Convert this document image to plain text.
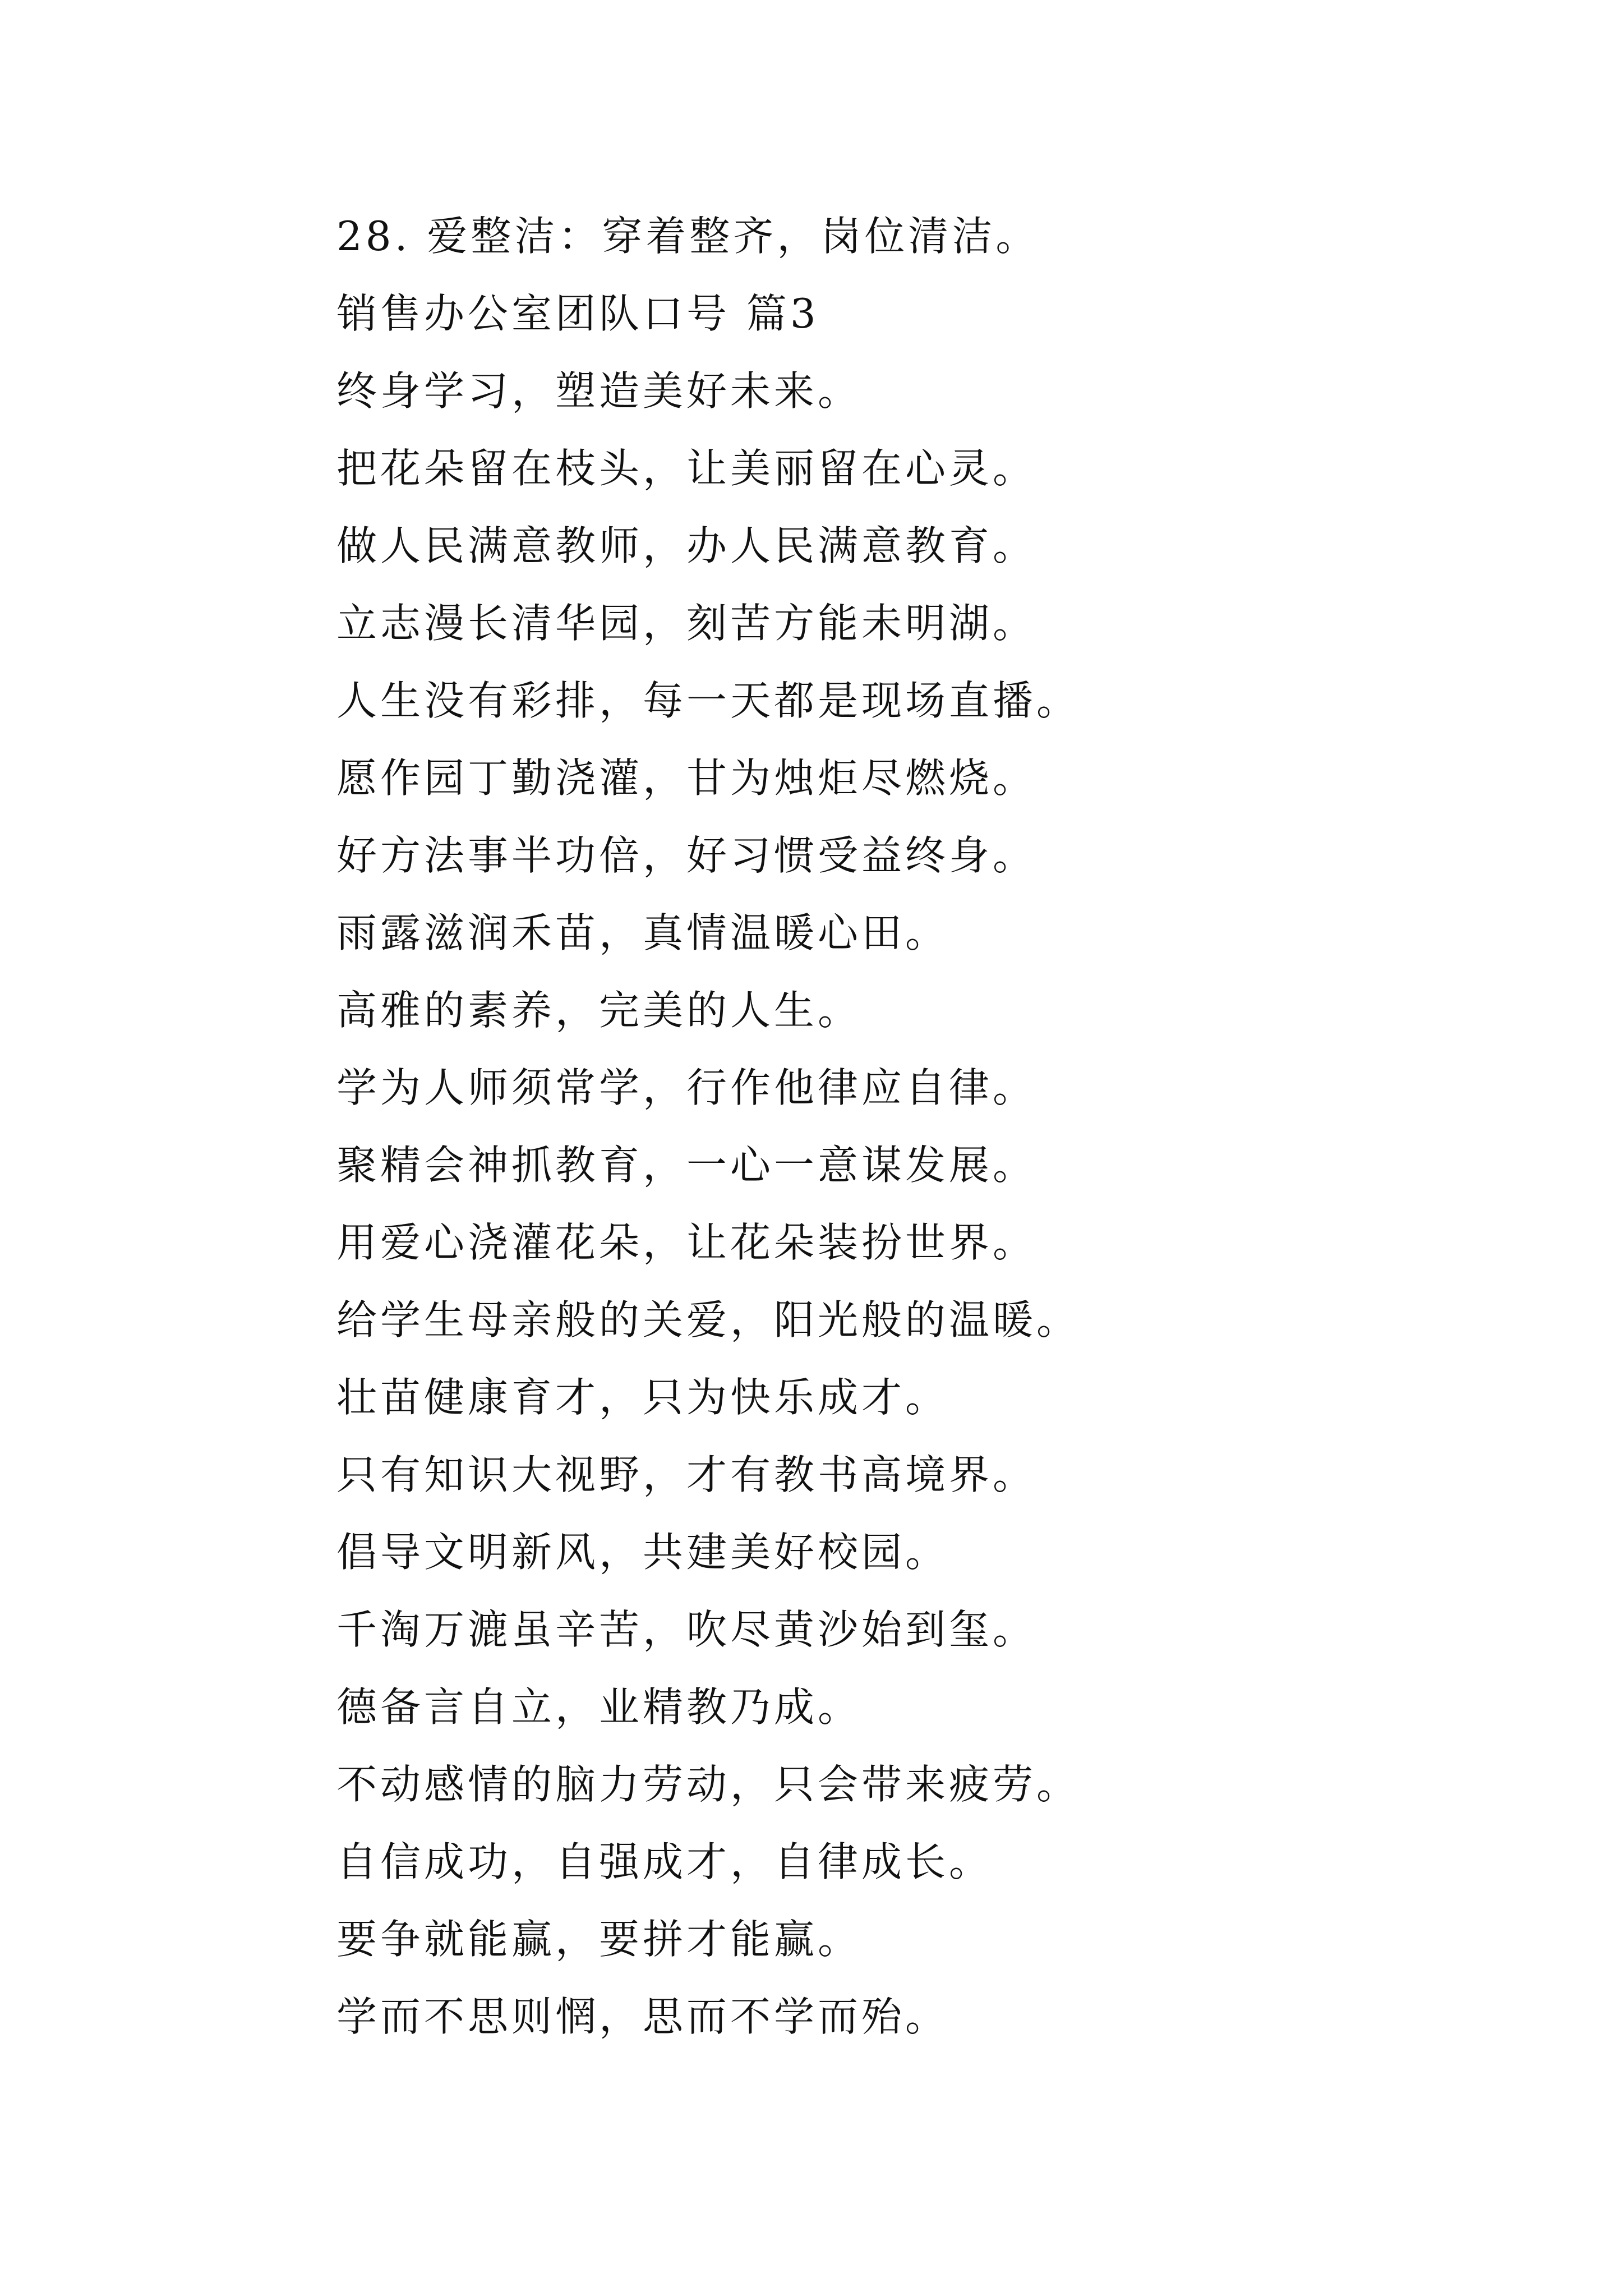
28. 爱整洁：穿着整齐，岗位清洁。
销售办公室团队口号 篇3
终身学习，塑造美好未来。
把花朵留在枝头，让美丽留在心灵。
做人民满意教师，办人民满意教育。
立志漫长清华园，刻苦方能未明湖。
人生没有彩排，每一天都是现场直播。
愿作园丁勤浇灌，甘为烛炬尽燃烧。
好方法事半功倍，好习惯受益终身。
雨露滋润禾苗，真情温暖心田。
高雅的素养，完美的人生。
学为人师须常学，行作他律应自律。
聚精会神抓教育，一心一意谋发展。
用爱心浇灌花朵，让花朵装扮世界。
给学生母亲般的关爱，阳光般的温暖。
壮苗健康育才，只为快乐成才。
只有知识大视野，才有教书高境界。
倡导文明新风，共建美好校园。
千淘万漉虽辛苦，吹尽黄沙始到玺。
德备言自立，业精教乃成。
不动感情的脑力劳动，只会带来疲劳。
自信成功，自强成才，自律成长。
要争就能赢，要拼才能赢。
学而不思则惘，思而不学而殆。
